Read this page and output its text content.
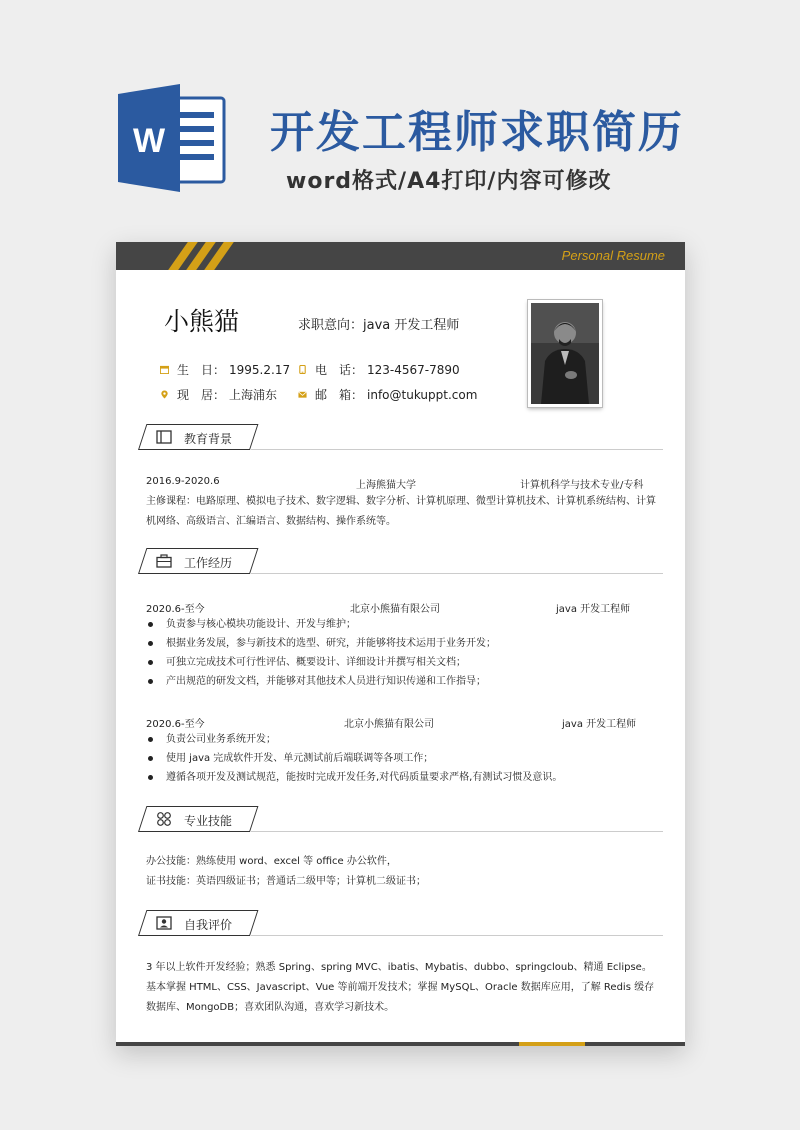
W 开发工程师求职简历
word格式/A4打印/内容可修改
Personal Resume
小熊猫	求职意向：java 开发工程师
生　日： 1995.2.17 电　话： 123-4567-7890
现　居： 上海浦东	邮　箱： info@tukuppt.com
教育背景
2016.9-2020.6	上海熊猫大学	计算机科学与技术专业/专科
主修课程：电路原理、模拟电子技术、数字逻辑、数字分析、计算机原理、微型计算机技术、计算机系统结构、计算机网络、高级语言、汇编语言、数据结构、操作系统等。
工作经历
2020.6-至今	北京小熊猫有限公司	java 开发工程师
负责参与核心模块功能设计、开发与维护；
根据业务发展，参与新技术的选型、研究，并能够将技术运用于业务开发；
可独立完成技术可行性评估、概要设计、详细设计并撰写相关文档；
产出规范的研发文档，并能够对其他技术人员进行知识传递和工作指导；
2020.6-至今	北京小熊猫有限公司	java 开发工程师
负责公司业务系统开发；
使用 java 完成软件开发、单元测试前后端联调等各项工作；
遵循各项开发及测试规范，能按时完成开发任务,对代码质量要求严格,有测试习惯及意识。
专业技能
办公技能：熟练使用 word、excel 等 office 办公软件，
证书技能：英语四级证书；普通话二级甲等；计算机二级证书；
自我评价
3 年以上软件开发经验；熟悉 Spring、spring MVC、ibatis、Mybatis、dubbo、springcloub、精通 Eclipse。基本掌握 HTML、CSS、Javascript、Vue 等前端开发技术；掌握 MySQL、Oracle 数据库应用，了解 Redis 缓存数据库、MongoDB；喜欢团队沟通，喜欢学习新技术。
